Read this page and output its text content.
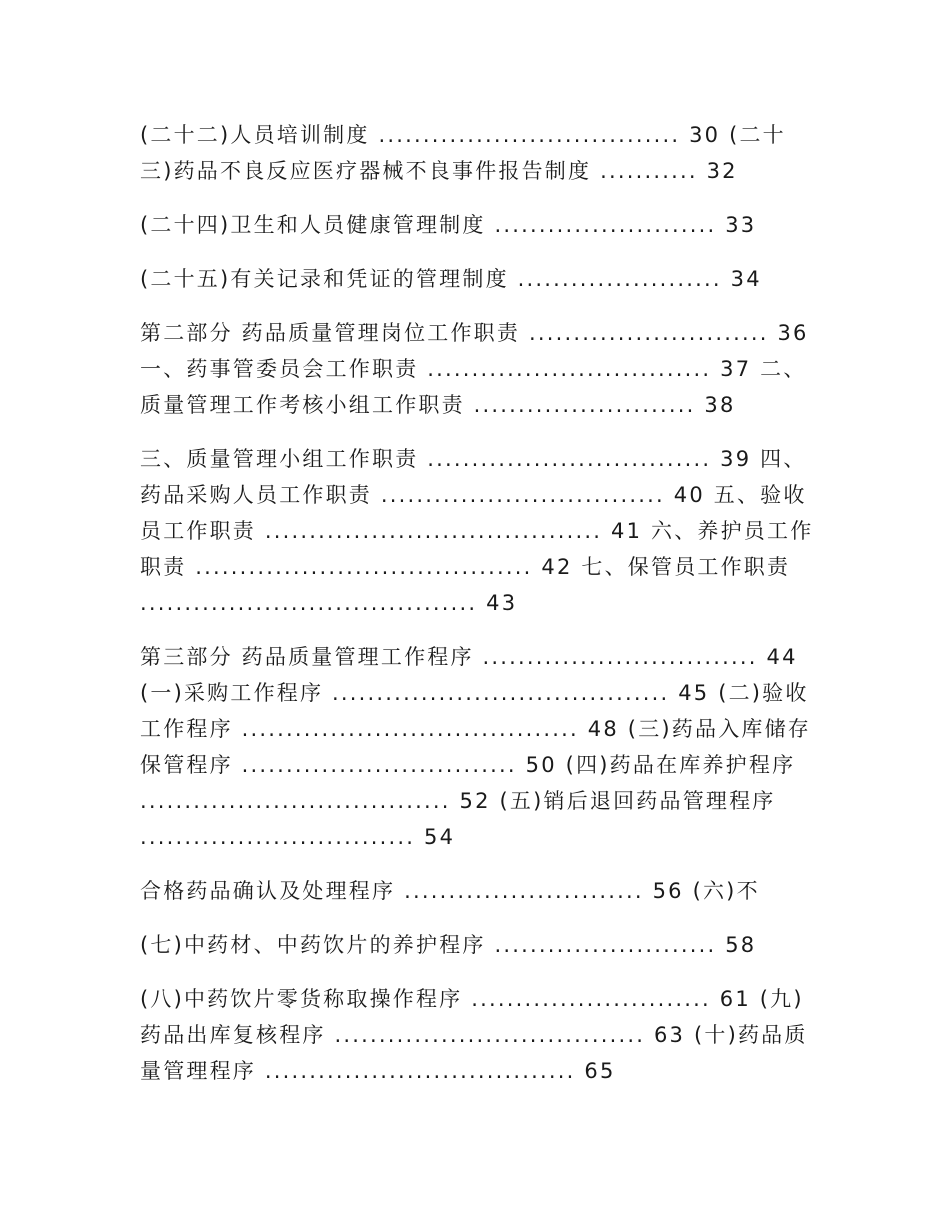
(二十二)人员培训制度 .................................. 30 (二十
三)药品不良反应医疗器械不良事件报告制度 ........... 32
(二十四)卫生和人员健康管理制度 ......................... 33
(二十五)有关记录和凭证的管理制度 ....................... 34
第二部分 药品质量管理岗位工作职责 ........................... 36
一、药事管委员会工作职责 ................................ 37 二、
质量管理工作考核小组工作职责 ......................... 38
三、质量管理小组工作职责 ................................ 39 四、
药品采购人员工作职责 ................................ 40 五、验收
员工作职责 ...................................... 41 六、养护员工作
职责 ...................................... 42 七、保管员工作职责
...................................... 43
第三部分 药品质量管理工作程序 ............................... 44
(一)采购工作程序 ...................................... 45 (二)验收
工作程序 ...................................... 48 (三)药品入库储存
保管程序 ............................... 50 (四)药品在库养护程序
................................... 52 (五)销后退回药品管理程序
............................... 54
合格药品确认及处理程序 ........................... 56 (六)不
(七)中药材、中药饮片的养护程序 ......................... 58
(八)中药饮片零货称取操作程序 ........................... 61 (九)
药品出库复核程序 ................................... 63 (十)药品质
量管理程序 ................................... 65
